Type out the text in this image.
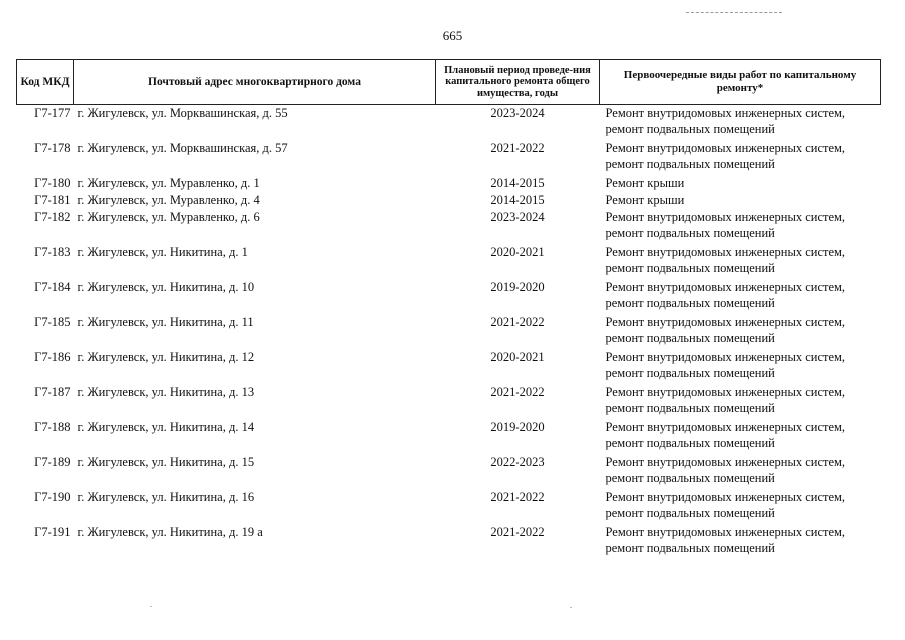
665
Код МКД	Почтовый адрес многоквартирного дома	Плановый период проведе-ния капитального ремонта общего имущества, годы	Первоочередные виды работ по капитальному ремонту*
Г7-177	г. Жигулевск, ул. Морквашинская, д. 55	2023-2024	Ремонт внутридомовых инженерных систем,
ремонт подвальных помещений

Г7-178	г. Жигулевск, ул. Морквашинская, д. 57	2021-2022	Ремонт внутридомовых инженерных систем,
ремонт подвальных помещений

Г7-180	г. Жигулевск, ул. Муравленко, д. 1	2014-2015	Ремонт крыши

Г7-181	г. Жигулевск, ул. Муравленко, д. 4	2014-2015	Ремонт крыши

Г7-182	г. Жигулевск, ул. Муравленко, д. 6	2023-2024	Ремонт внутридомовых инженерных систем,
ремонт подвальных помещений

Г7-183	г. Жигулевск, ул. Никитина, д. 1	2020-2021	Ремонт внутридомовых инженерных систем,
ремонт подвальных помещений

Г7-184	г. Жигулевск, ул. Никитина, д. 10	2019-2020	Ремонт внутридомовых инженерных систем,
ремонт подвальных помещений

Г7-185	г. Жигулевск, ул. Никитина, д. 11	2021-2022	Ремонт внутридомовых инженерных систем,
ремонт подвальных помещений

Г7-186	г. Жигулевск, ул. Никитина, д. 12	2020-2021	Ремонт внутридомовых инженерных систем,
ремонт подвальных помещений

Г7-187	г. Жигулевск, ул. Никитина, д. 13	2021-2022	Ремонт внутридомовых инженерных систем,
ремонт подвальных помещений

Г7-188	г. Жигулевск, ул. Никитина, д. 14	2019-2020	Ремонт внутридомовых инженерных систем,
ремонт подвальных помещений

Г7-189	г. Жигулевск, ул. Никитина, д. 15	2022-2023	Ремонт внутридомовых инженерных систем,
ремонт подвальных помещений

Г7-190	г. Жигулевск, ул. Никитина, д. 16	2021-2022	Ремонт внутридомовых инженерных систем,
ремонт подвальных помещений

Г7-191	г. Жигулевск, ул. Никитина, д. 19 а	2021-2022	Ремонт внутридомовых инженерных систем,
ремонт подвальных помещений
